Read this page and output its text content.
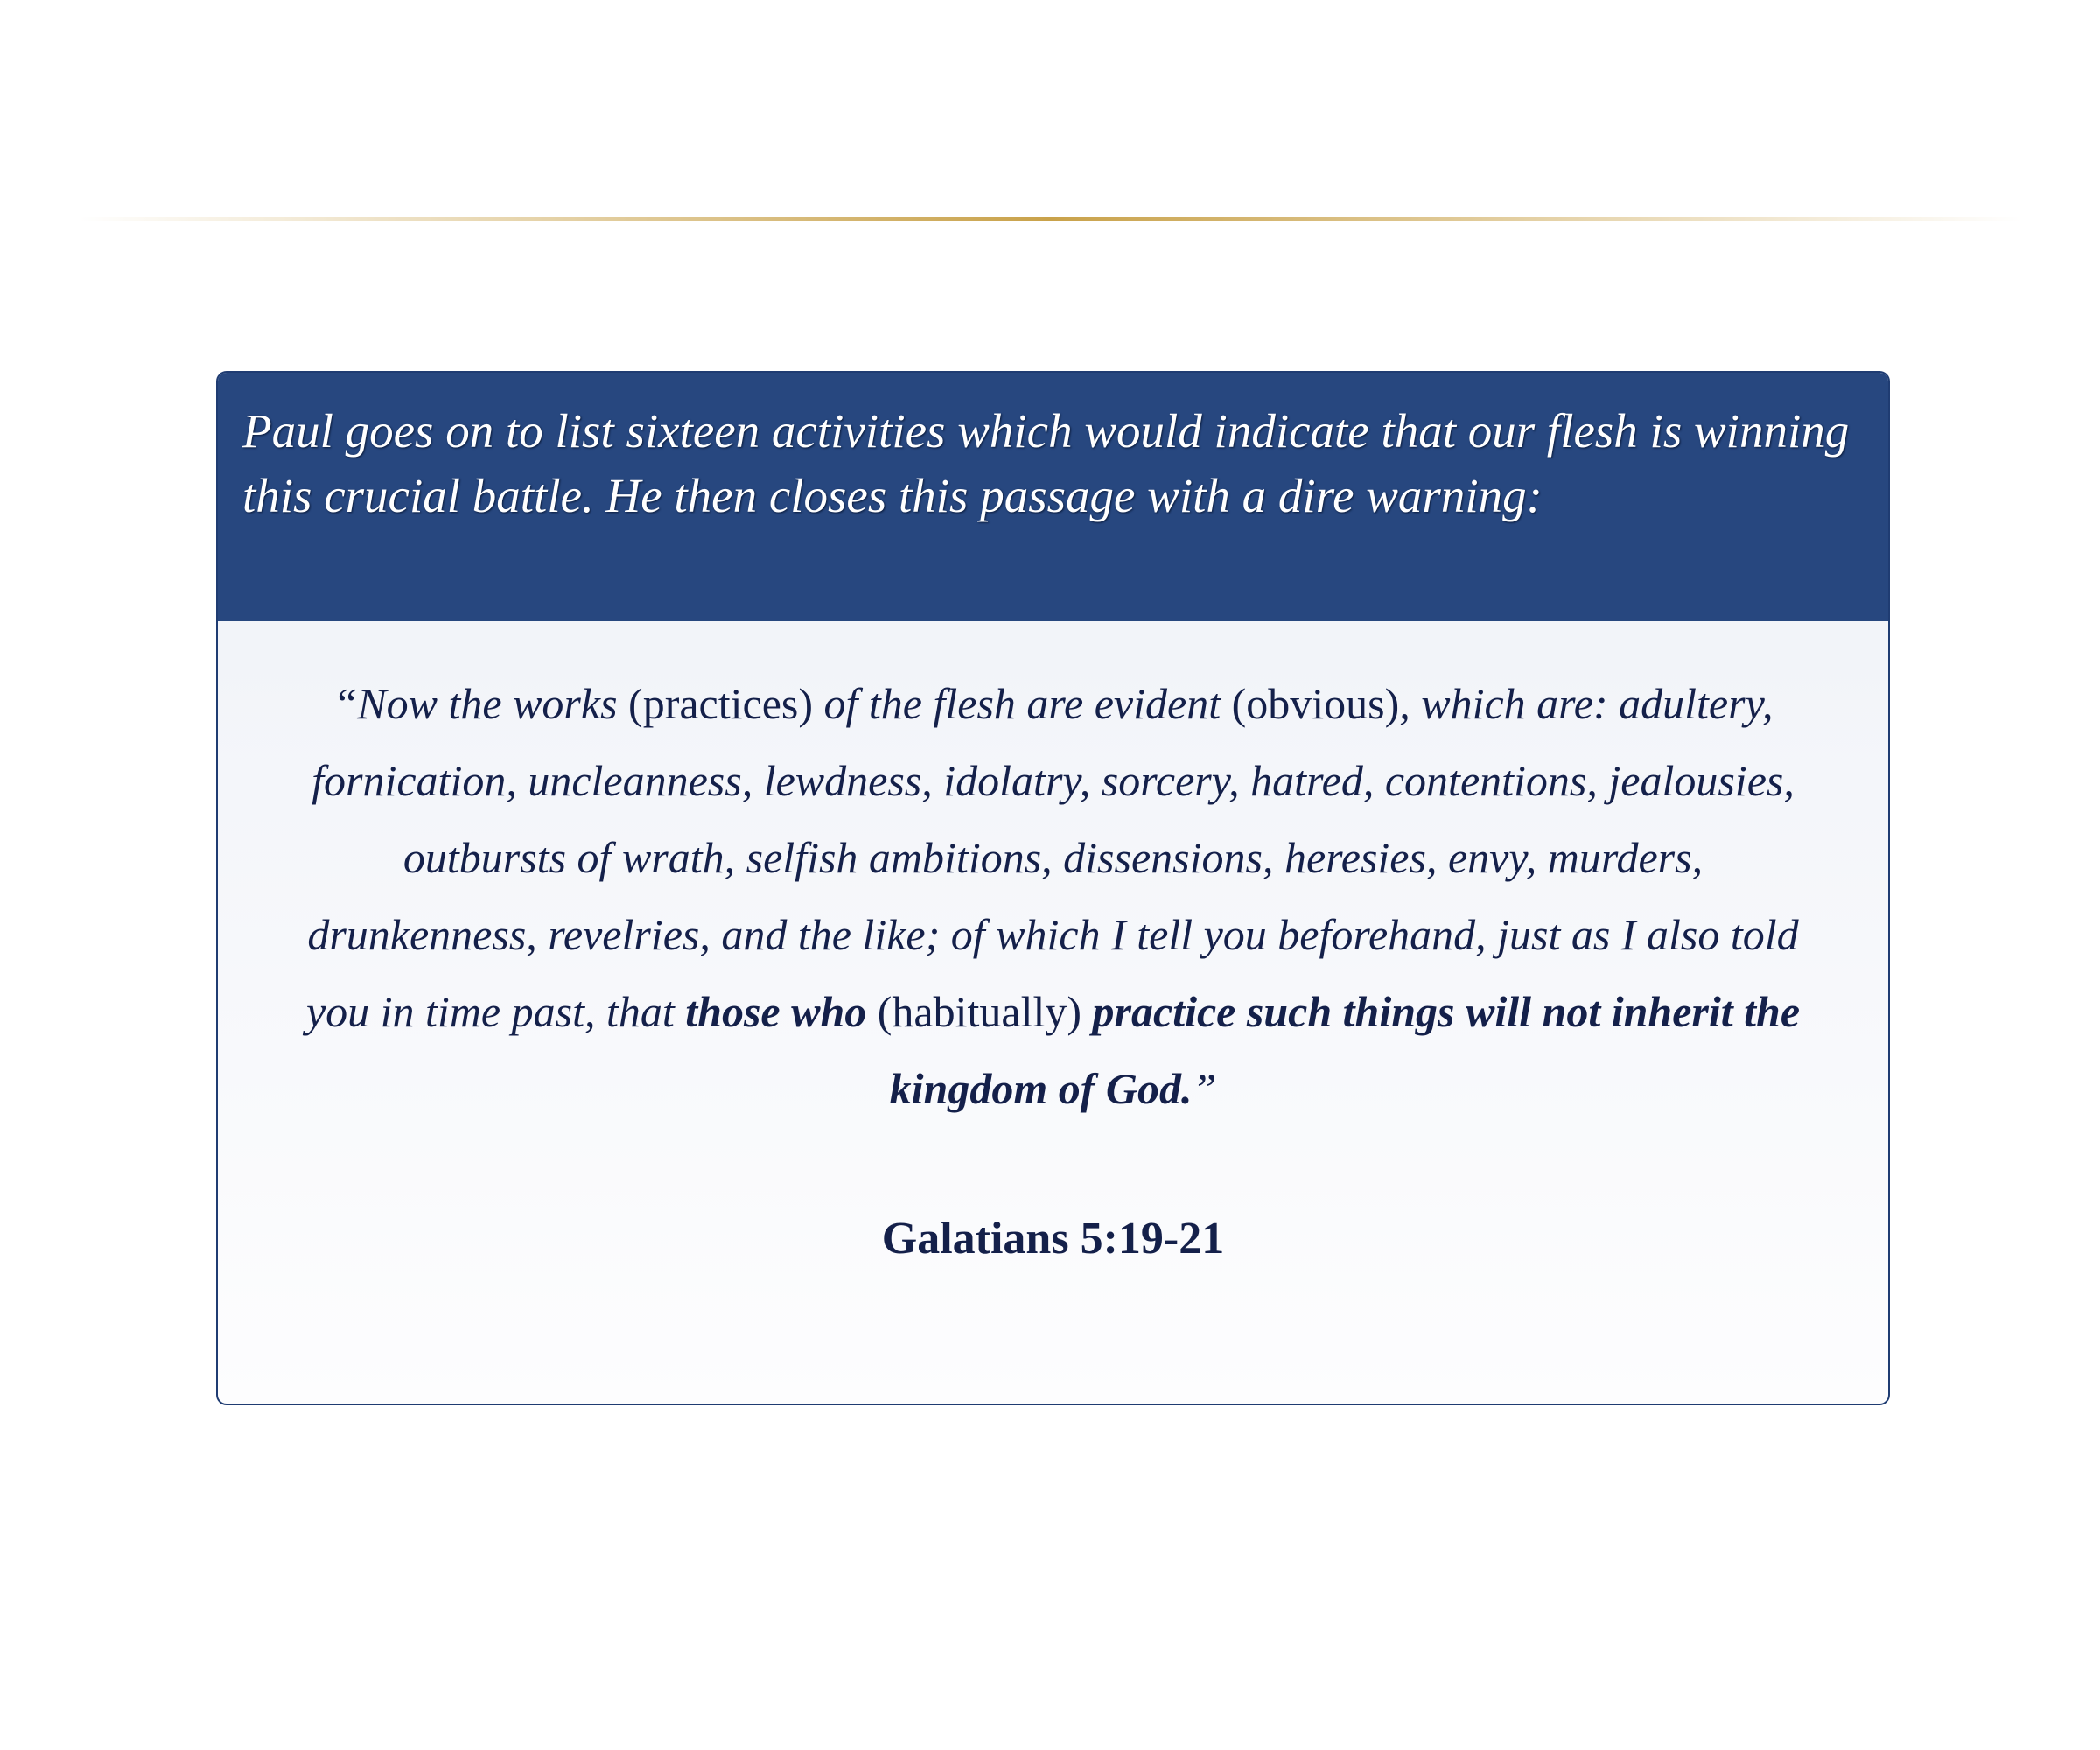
Paul goes on to list sixteen activities which would indicate that our flesh is winning this crucial battle. He then closes this passage with a dire warning:
“Now the works (practices) of the flesh are evident (obvious), which are: adultery, fornication, uncleanness, lewdness, idolatry, sorcery, hatred, contentions, jealousies, outbursts of wrath, selfish ambitions, dissensions, heresies, envy, murders, drunkenness, revelries, and the like; of which I tell you beforehand, just as I also told you in time past, that those who (habitually) practice such things will not inherit the kingdom of God.”
Galatians 5:19-21
